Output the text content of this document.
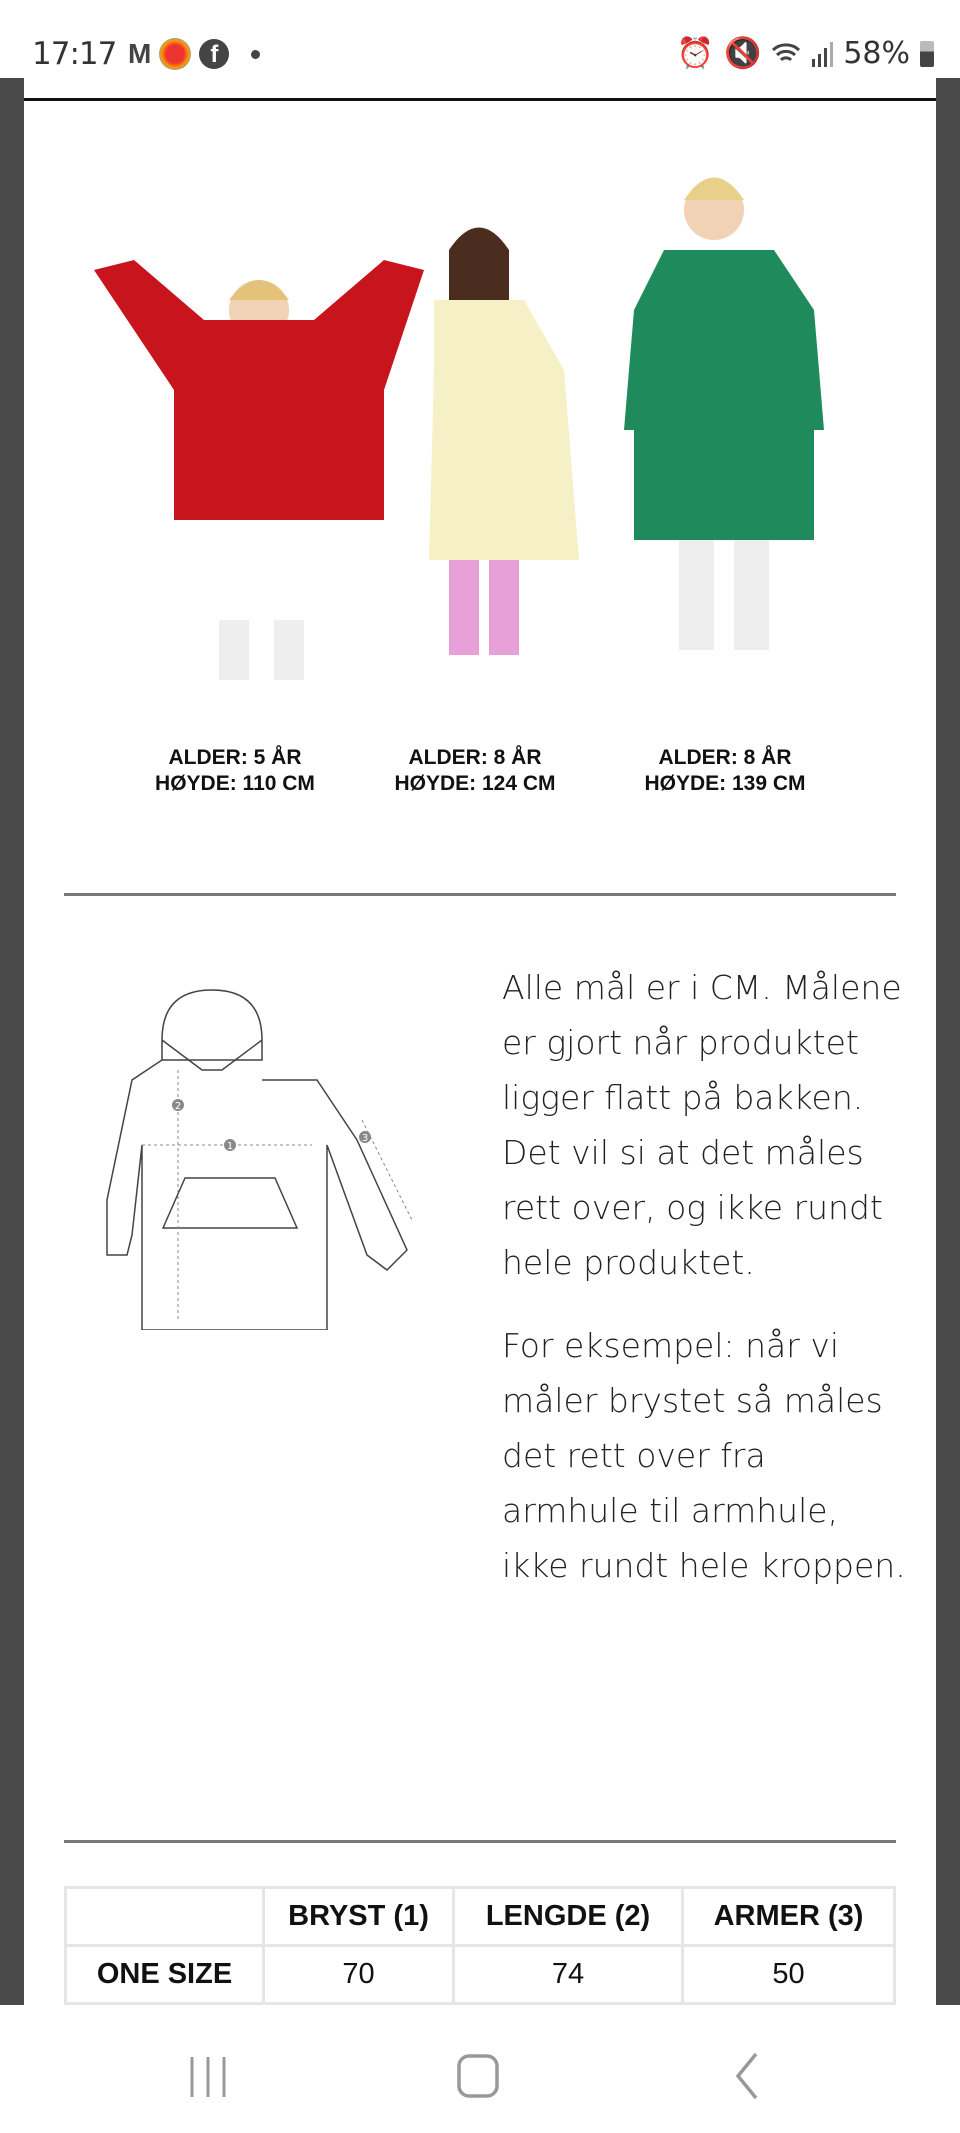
17:17 M	f	⏰ 🔇	58%
ALDER: 5 ÅR
HØYDE: 110 CM
ALDER: 8 ÅR
HØYDE: 124 CM
ALDER: 8 ÅR
HØYDE: 139 CM
1
2
3

Alle mål er i CM. Målene er gjort når produktet ligger flatt på bakken. Det vil si at det måles rett over, og ikke rundt hele produktet.

For eksempel: når vi måler brystet så måles det rett over fra armhule til armhule, ikke rundt hele kroppen.

	BRYST (1)	LENGDE (2)	ARMER (3)
ONE SIZE	70	74	50
